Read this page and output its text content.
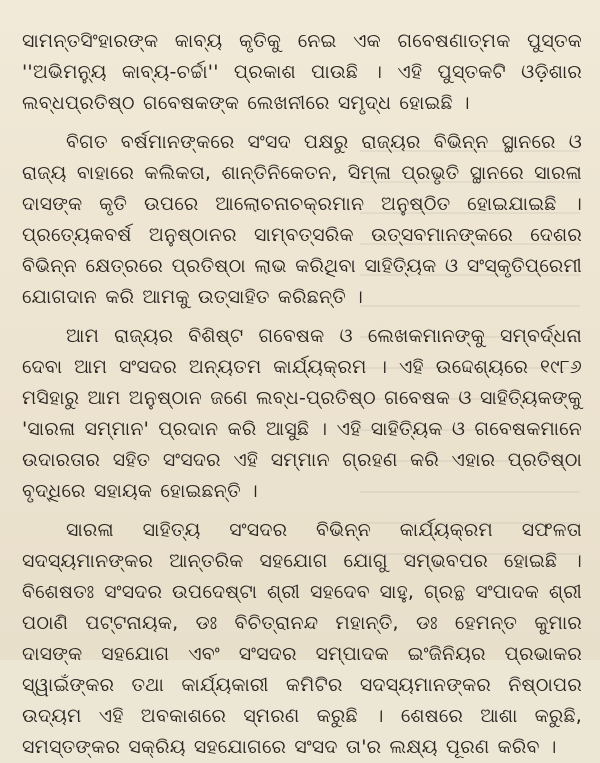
ସାମନ୍ତସିଂହାରଙ୍କ କାବ୍ୟ କୃତିକୁ ନେଇ ଏକ ଗବେଷଣାତ୍ମକ ପୁସ୍ତକ ''ଅଭିମନ୍ୟୁ କାବ୍ୟ-ଚର୍ଚ୍ଚା'' ପ୍ରକାଶ ପାଉଛି । ଏହି ପୁସ୍ତକଟି ଓଡ଼ିଶାର ଲବ୍ଧପ୍ରତିଷ୍ଠ ଗବେଷକଙ୍କ ଲେଖନୀରେ ସମୃଦ୍ଧ ହୋଇଛି ।

ବିଗତ ବର୍ଷମାନଙ୍କରେ ସଂସଦ ପକ୍ଷରୁ ରାଜ୍ୟର ବିଭିନ୍ନ ସ୍ଥାନରେ ଓ ରାଜ୍ୟ ବାହାରେ କଲିକତା, ଶାନ୍ତିନିକେତନ, ସିମ୍ଳା ପ୍ରଭୃତି ସ୍ଥାନରେ ସାରଳା ଦାସଙ୍କ କୃତି ଉପରେ ଆଲୋଚନାଚକ୍ରମାନ ଅନୁଷ୍ଠିତ ହୋଇଯାଇଛି । ପ୍ରତ୍ୟେକବର୍ଷ ଅନୁଷ୍ଠାନର ସାମ୍ବତ୍ସରିକ ଉତ୍ସବମାନଙ୍କରେ ଦେଶର ବିଭିନ୍ନ କ୍ଷେତ୍ରରେ ପ୍ରତିଷ୍ଠା ଲାଭ କରିଥିବା ସାହିତ୍ୟିକ ଓ ସଂସ୍କୃତିପ୍ରେମୀ ଯୋଗଦାନ କରି ଆମକୁ ଉତ୍ସାହିତ କରିଛନ୍ତି ।

ଆମ ରାଜ୍ୟର ବିଶିଷ୍ଟ ଗବେଷକ ଓ ଲେଖକମାନଙ୍କୁ ସମ୍ବର୍ଦ୍ଧନା ଦେବା ଆମ ସଂସଦର ଅନ୍ୟତମ କାର୍ଯ୍ୟକ୍ରମ । ଏହି ଉଦ୍ଦେଶ୍ୟରେ ୧୯୮୬ ମସିହାରୁ ଆମ ଅନୁଷ୍ଠାନ ଜଣେ ଲବ୍ଧ-ପ୍ରତିଷ୍ଠ ଗବେଷକ ଓ ସାହିତ୍ୟିକଙ୍କୁ 'ସାରଳା ସମ୍ମାନ' ପ୍ରଦାନ କରି ଆସୁଛି । ଏହି ସାହିତ୍ୟିକ ଓ ଗବେଷକମାନେ ଉଦାରତାର ସହିତ ସଂସଦର ଏହି ସମ୍ମାନ ଗ୍ରହଣ କରି ଏହାର ପ୍ରତିଷ୍ଠା ବୃଦ୍ଧିରେ ସହାୟକ ହୋଇଛନ୍ତି ।

ସାରଳା ସାହିତ୍ୟ ସଂସଦର ବିଭିନ୍ନ କାର୍ଯ୍ୟକ୍ରମ ସଫଳତା ସଦସ୍ୟମାନଙ୍କର ଆନ୍ତରିକ ସହଯୋଗ ଯୋଗୁ ସମ୍ଭବପର ହୋଇଛି । ବିଶେଷତଃ ସଂସଦର ଉପଦେଷ୍ଟା ଶ୍ରୀ ସହଦେବ ସାହୁ, ଗ୍ରନ୍ଥ ସଂପାଦକ ଶ୍ରୀ ପଠାଣି ପଟ୍ଟନାୟକ, ଡଃ ବିଚିତ୍ରାନନ୍ଦ ମହାନ୍ତି, ଡଃ ହେମନ୍ତ କୁମାର ଦାସଙ୍କ ସହଯୋଗ ଏବଂ ସଂସଦର ସମ୍ପାଦକ ଇଂଜିନିୟର ପ୍ରଭାକର ସ୍ୱାଇଁଙ୍କର ତଥା କାର୍ଯ୍ୟକାରୀ କମିଟିର ସଦସ୍ୟମାନଙ୍କର ନିଷ୍ଠାପର ଉଦ୍ୟମ ଏହି ଅବକାଶରେ ସ୍ମରଣ କରୁଛି । ଶେଷରେ ଆଶା କରୁଛି, ସମସ୍ତଙ୍କର ସକ୍ରିୟ ସହଯୋଗରେ ସଂସଦ ତା'ର ଲକ୍ଷ୍ୟ ପୂରଣ କରିବ ।
